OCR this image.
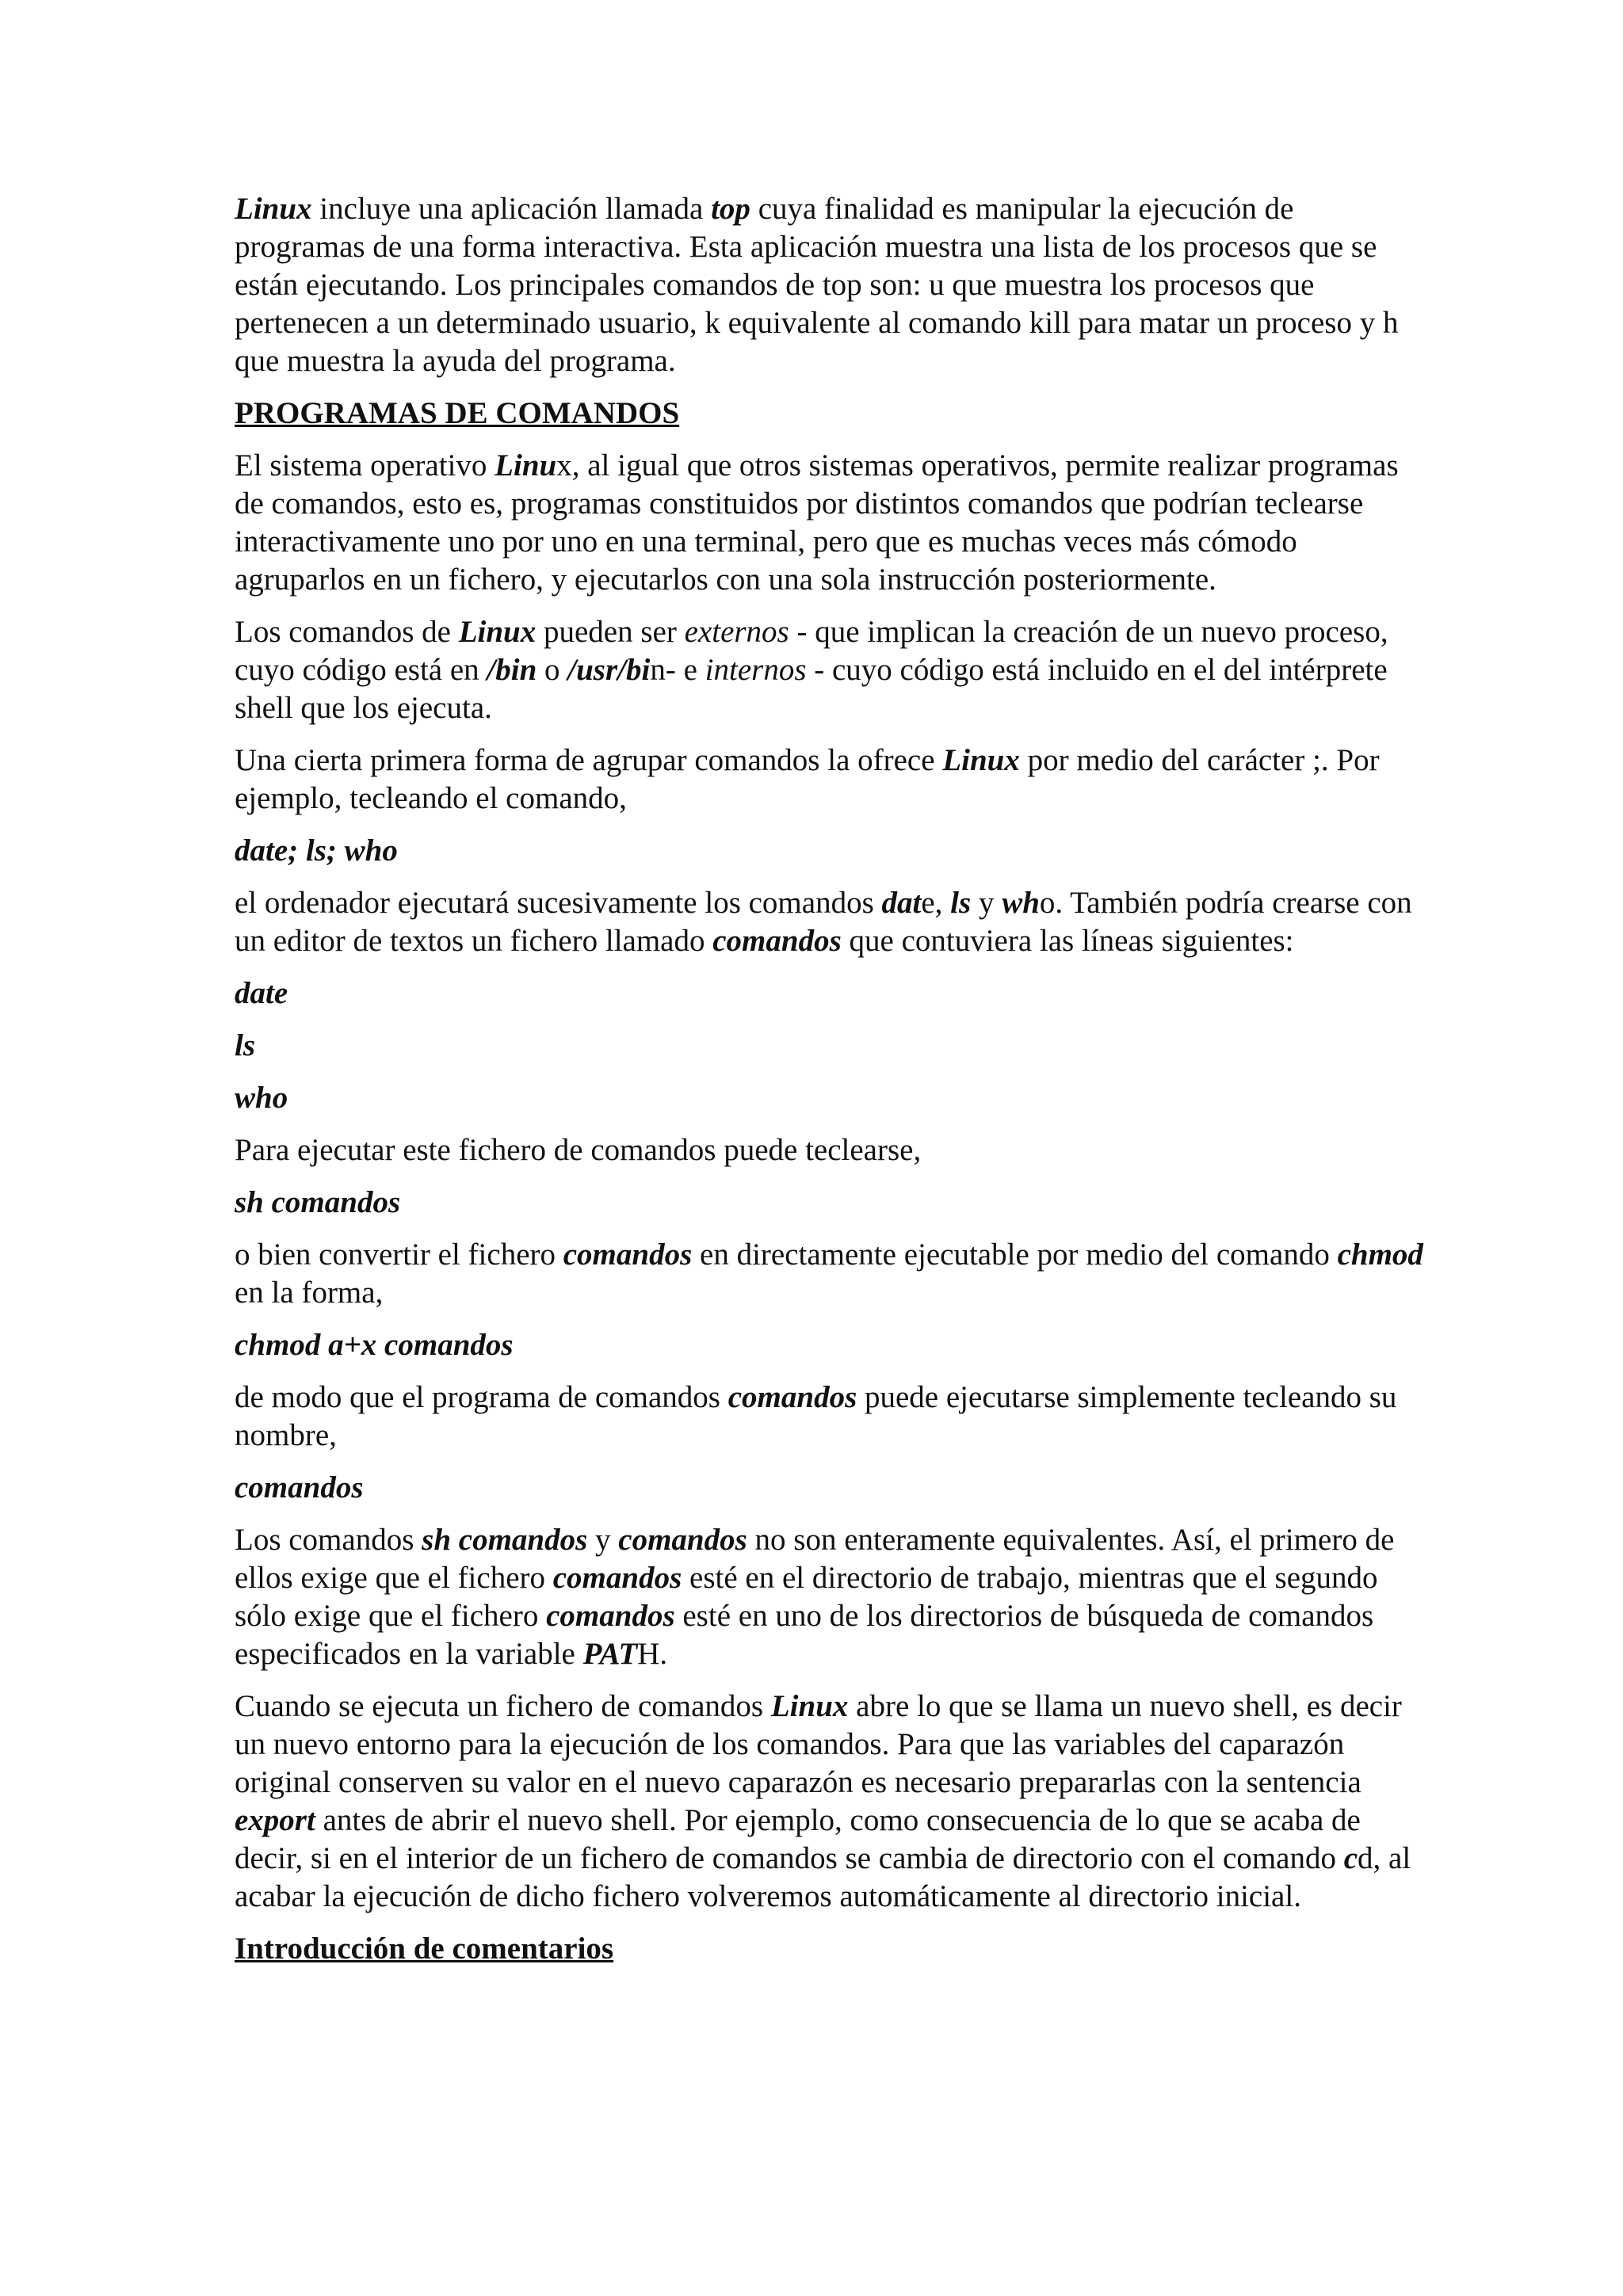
Linux incluye una aplicación llamada top cuya finalidad es manipular la ejecución de programas de una forma interactiva. Esta aplicación muestra una lista de los procesos que se están ejecutando. Los principales comandos de top son: u que muestra los procesos que pertenecen a un determinado usuario, k equivalente al comando kill para matar un proceso y h que muestra la ayuda del programa.
PROGRAMAS DE COMANDOS
El sistema operativo Linux, al igual que otros sistemas operativos, permite realizar programas de comandos, esto es, programas constituidos por distintos comandos que podrían teclearse interactivamente uno por uno en una terminal, pero que es muchas veces más cómodo agruparlos en un fichero, y ejecutarlos con una sola instrucción posteriormente.
Los comandos de Linux pueden ser externos - que implican la creación de un nuevo proceso, cuyo código está en /bin o /usr/bin- e internos - cuyo código está incluido en el del intérprete shell que los ejecuta.
Una cierta primera forma de agrupar comandos la ofrece Linux por medio del carácter ;. Por ejemplo, tecleando el comando,
date; ls; who
el ordenador ejecutará sucesivamente los comandos date, ls y who. También podría crearse con un editor de textos un fichero llamado comandos que contuviera las líneas siguientes:
date
ls
who
Para ejecutar este fichero de comandos puede teclearse,
sh comandos
o bien convertir el fichero comandos en directamente ejecutable por medio del comando chmod en la forma,
chmod a+x comandos
de modo que el programa de comandos comandos puede ejecutarse simplemente tecleando su nombre,
comandos
Los comandos sh comandos y comandos no son enteramente equivalentes. Así, el primero de ellos exige que el fichero comandos esté en el directorio de trabajo, mientras que el segundo sólo exige que el fichero comandos esté en uno de los directorios de búsqueda de comandos especificados en la variable PATH.
Cuando se ejecuta un fichero de comandos Linux abre lo que se llama un nuevo shell, es decir un nuevo entorno para la ejecución de los comandos. Para que las variables del caparazón original conserven su valor en el nuevo caparazón es necesario prepararlas con la sentencia export antes de abrir el nuevo shell. Por ejemplo, como consecuencia de lo que se acaba de decir, si en el interior de un fichero de comandos se cambia de directorio con el comando cd, al acabar la ejecución de dicho fichero volveremos automáticamente al directorio inicial.
Introducción de comentarios
